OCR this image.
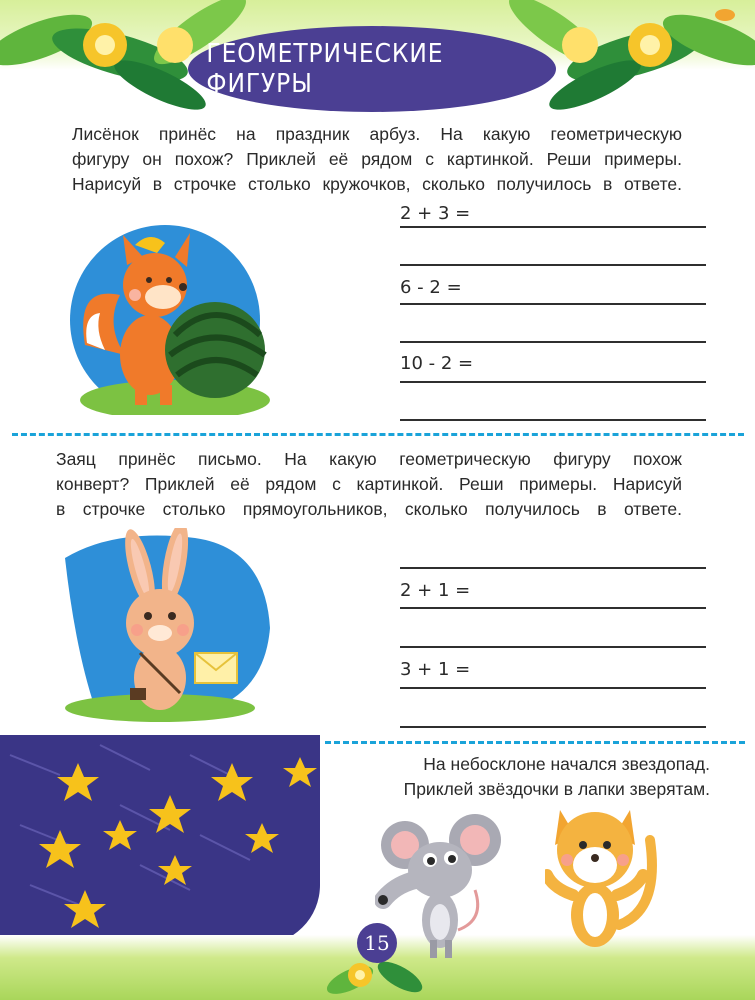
ГЕОМЕТРИЧЕСКИЕ ФИГУРЫ
Лисёнок принёс на праздник арбуз. На какую геометрическую
фигуру он похож? Приклей её рядом с картинкой. Реши примеры.
Нарисуй в строчке столько кружочков, сколько получилось в ответе.
2 + 3 =
6 - 2 =
10 - 2 =
Заяц принёс письмо. На какую геометрическую фигуру похож
конверт? Приклей её рядом с картинкой. Реши примеры. Нарисуй
в строчке столько прямоугольников, сколько получилось в ответе.
2 + 1 =
3 + 1 =
На небосклоне начался звездопад.
Приклей звёздочки в лапки зверятам.
15
